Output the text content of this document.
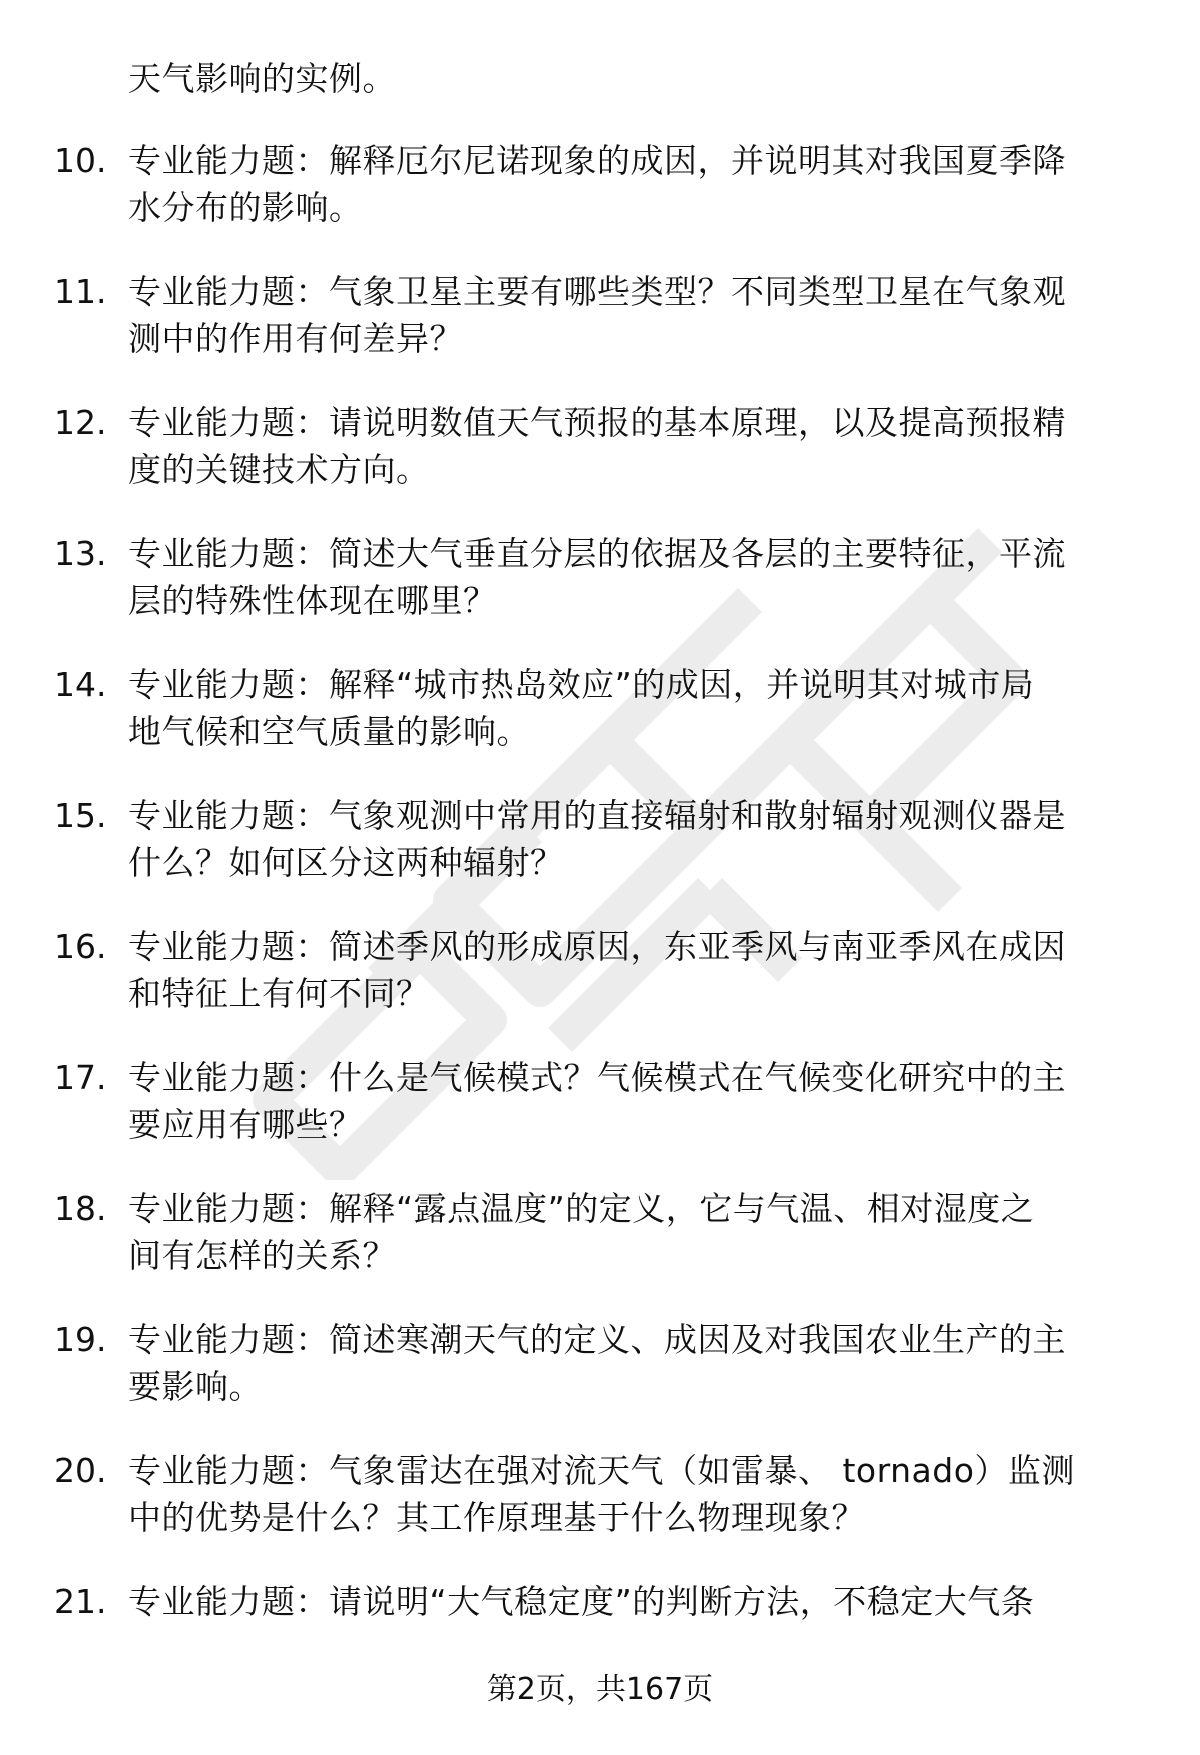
天气影响的实例。
10. 专业能力题：解释厄尔尼诺现象的成因，并说明其对我国夏季降
水分布的影响。
11. 专业能力题：气象卫星主要有哪些类型？不同类型卫星在气象观
测中的作用有何差异？
12. 专业能力题：请说明数值天气预报的基本原理，以及提高预报精
度的关键技术方向。
13. 专业能力题：简述大气垂直分层的依据及各层的主要特征，平流
层的特殊性体现在哪里？
14. 专业能力题：解释“城市热岛效应”的成因，并说明其对城市局
地气候和空气质量的影响。
15. 专业能力题：气象观测中常用的直接辐射和散射辐射观测仪器是
什么？如何区分这两种辐射？
16. 专业能力题：简述季风的形成原因，东亚季风与南亚季风在成因
和特征上有何不同？
17. 专业能力题：什么是气候模式？气候模式在气候变化研究中的主
要应用有哪些？
18. 专业能力题：解释“露点温度”的定义，它与气温、相对湿度之
间有怎样的关系？
19. 专业能力题：简述寒潮天气的定义、成因及对我国农业生产的主
要影响。
20. 专业能力题：气象雷达在强对流天气（如雷暴、 tornado）监测
中的优势是什么？其工作原理基于什么物理现象？
21. 专业能力题：请说明“大气稳定度”的判断方法，不稳定大气条
第2页，共167页
